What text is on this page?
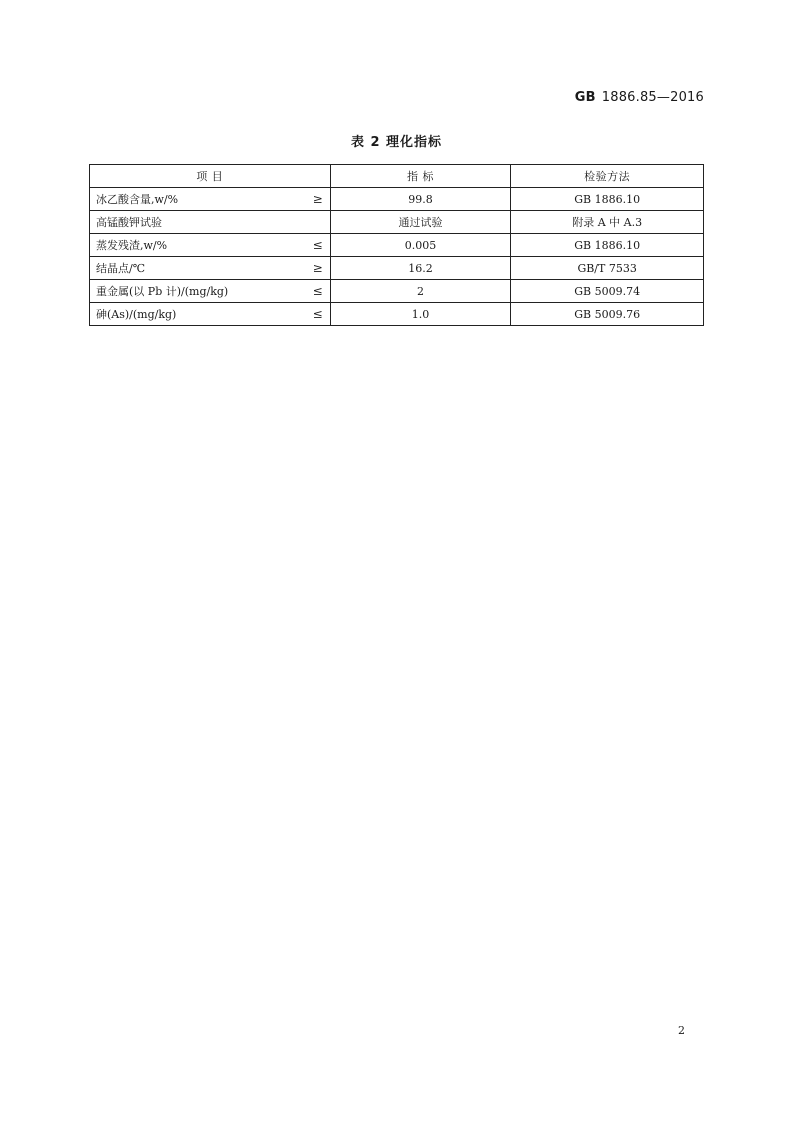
GB 1886.85—2016
表 2 理化指标
项 目	指 标	检验方法
冰乙酸含量,w/% ≥	99.8	GB 1886.10
高锰酸钾试验	通过试验	附录 A 中 A.3
蒸发残渣,w/% ≤	0.005	GB 1886.10
结晶点/℃ ≥	16.2	GB/T 7533
重金属(以 Pb 计)/(mg/kg) ≤	2	GB 5009.74
砷(As)/(mg/kg) ≤	1.0	GB 5009.76
2
